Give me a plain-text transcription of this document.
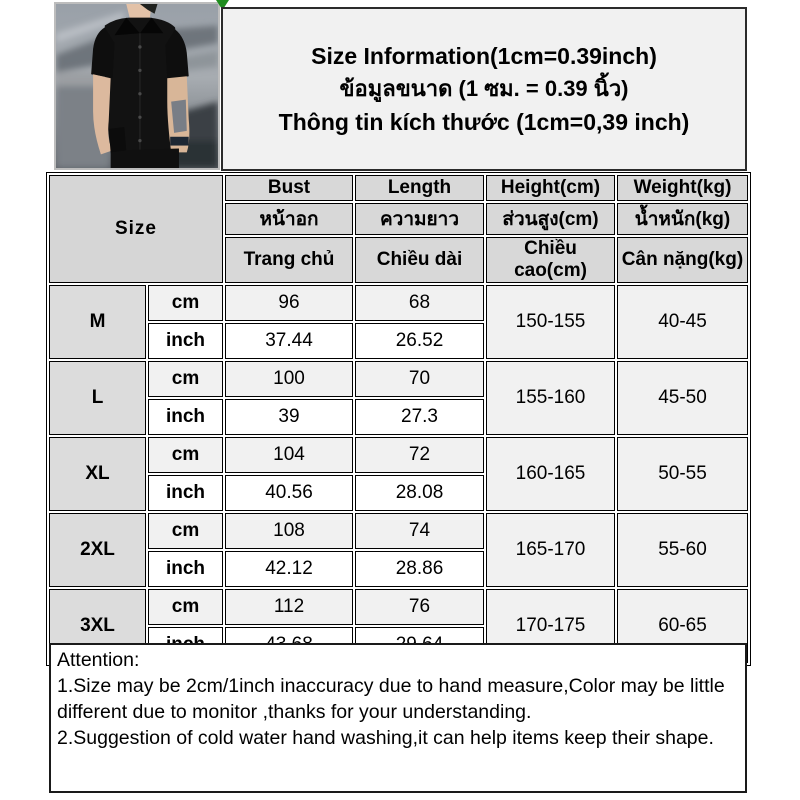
Size Information(1cm=0.39inch)
ข้อมูลขนาด (1 ซม. = 0.39 นิ้ว)
Thông tin kích thước (1cm=0,39 inch)
Size		Bust	Length	Height(cm)	Weight(kg)
		หน้าอก	ความยาว	ส่วนสูง(cm)	น้ำหนัก(kg)
		Trang chủ	Chiều dài	Chiều cao(cm)	Cân nặng(kg)
M	cm	96	68	150-155	40-45
	inch	37.44	26.52		
L	cm	100	70	155-160	45-50
	inch	39	27.3		
XL	cm	104	72	160-165	50-55
	inch	40.56	28.08		
2XL	cm	108	74	165-170	55-60
	inch	42.12	28.86		
3XL	cm	112	76	170-175	60-65

Attention:
1.Size may be 2cm/1inch inaccuracy due to hand measure,Color may be little different due to monitor ,thanks for your understanding.
2.Suggestion of cold water hand washing,it can help items keep their shape.
